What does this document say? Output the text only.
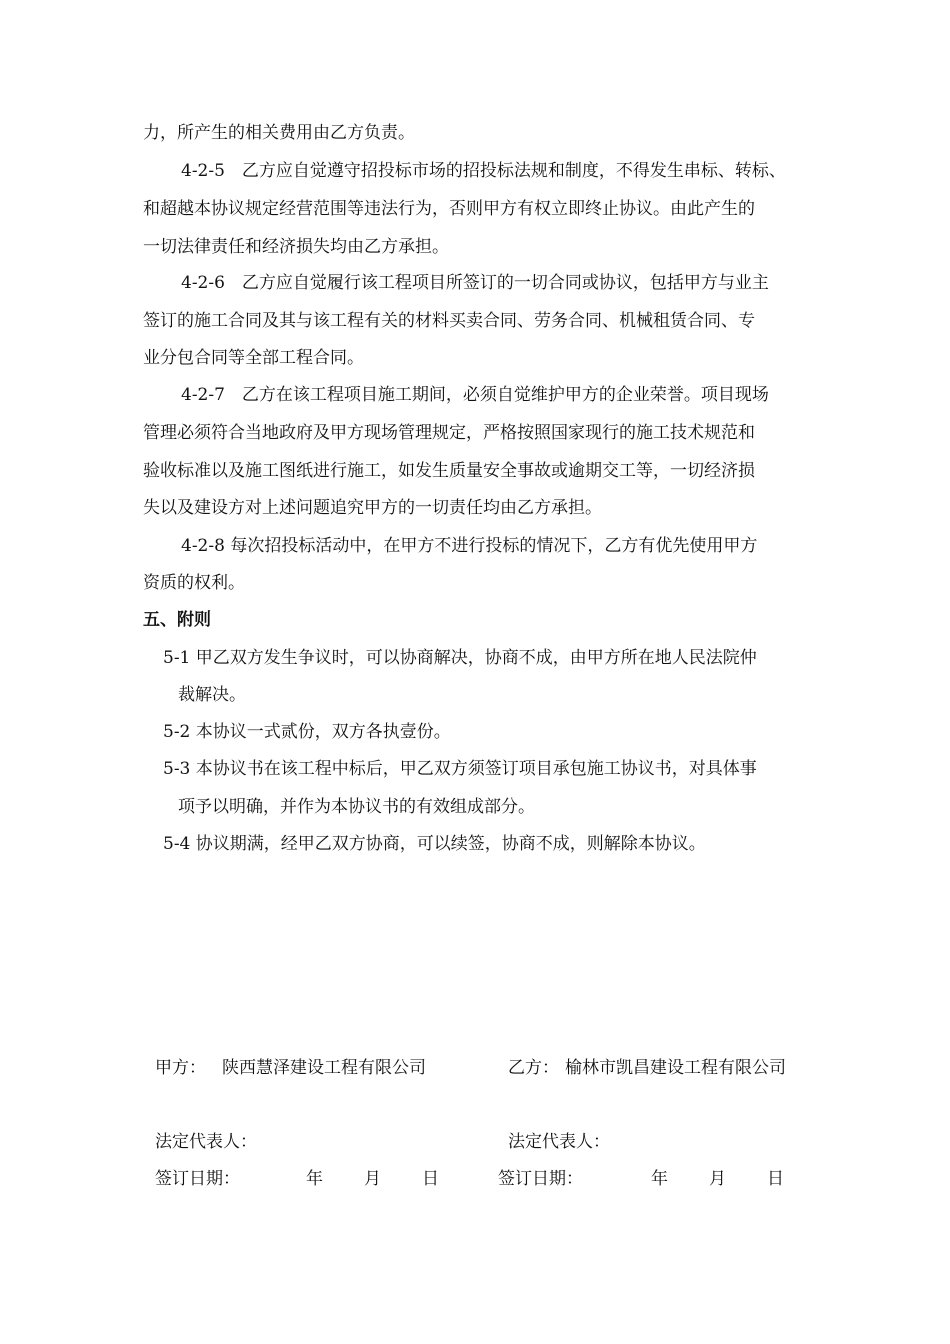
力，所产生的相关费用由乙方负责。
4-2-5　乙方应自觉遵守招投标市场的招投标法规和制度，不得发生串标、转标、
和超越本协议规定经营范围等违法行为，否则甲方有权立即终止协议。由此产生的
一切法律责任和经济损失均由乙方承担。
4-2-6　乙方应自觉履行该工程项目所签订的一切合同或协议，包括甲方与业主
签订的施工合同及其与该工程有关的材料买卖合同、劳务合同、机械租赁合同、专
业分包合同等全部工程合同。
4-2-7　乙方在该工程项目施工期间，必须自觉维护甲方的企业荣誉。项目现场
管理必须符合当地政府及甲方现场管理规定，严格按照国家现行的施工技术规范和
验收标准以及施工图纸进行施工，如发生质量安全事故或逾期交工等，一切经济损
失以及建设方对上述问题追究甲方的一切责任均由乙方承担。
4-2-8 每次招投标活动中，在甲方不进行投标的情况下，乙方有优先使用甲方
资质的权利。
五、附则
5-1 甲乙双方发生争议时，可以协商解决，协商不成，由甲方所在地人民法院仲
裁解决。
5-2 本协议一式贰份，双方各执壹份。
5-3 本协议书在该工程中标后，甲乙双方须签订项目承包施工协议书，对具体事
项予以明确，并作为本协议书的有效组成部分。
5-4 协议期满，经甲乙双方协商，可以续签，协商不成，则解除本协议。
甲方： 陕西慧泽建设工程有限公司	乙方： 榆林市凯昌建设工程有限公司
法定代表人：	法定代表人：
签订日期：	年 月 日	签订日期：	年 月 日
